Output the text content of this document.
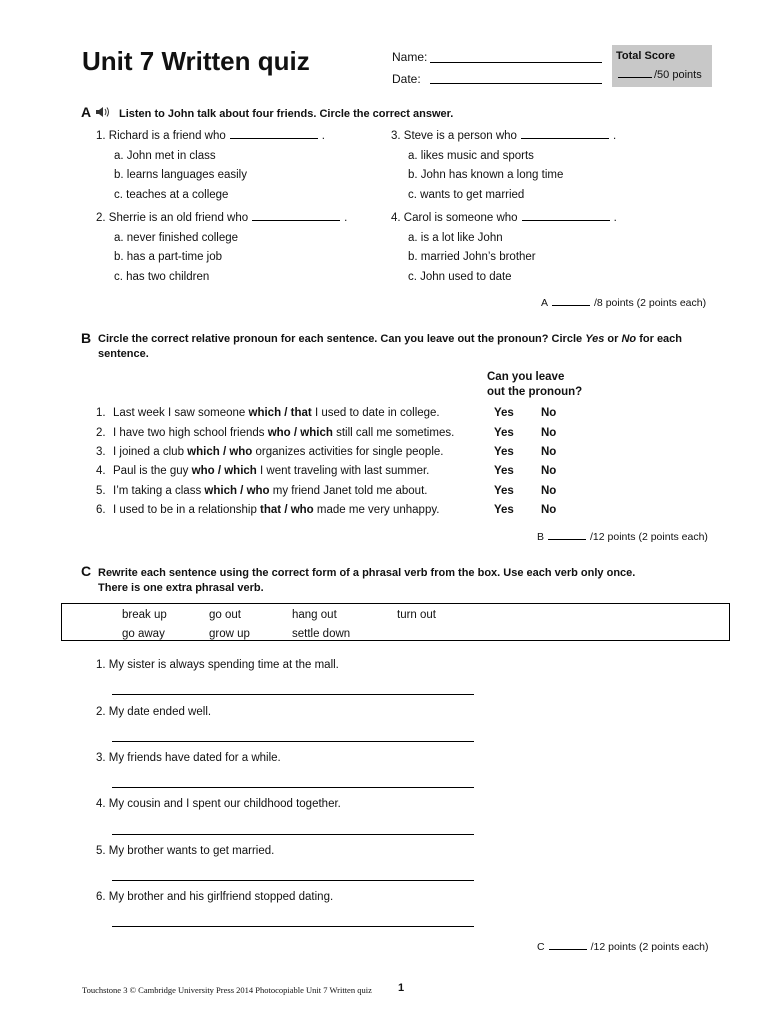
Unit 7 Written quiz	Name:
Date:
Total Score
/50 points
A	Listen to John talk about four friends. Circle the correct answer.
1. Richard is a friend who	.
a. John met in class
b. learns languages easily
c. teaches at a college
2. Sherrie is an old friend who	.
a. never finished college
b. has a part-time job
c. has two children
3. Steve is a person who	.
a. likes music and sports
b. John has known a long time
c. wants to get married
4. Carol is someone who	.
a. is a lot like John
b. married John’s brother
c. John used to date
A	/8 points (2 points each)
B Circle the correct relative pronoun for each sentence. Can you leave out the pronoun? Circle Yes or No for each
sentence.
Can you leave
out the pronoun?
1. Last week I saw someone which / that I used to date in college.	Yes No
2. I have two high school friends who / which still call me sometimes.	Yes No
3. I joined a club which / who organizes activities for single people.	Yes No
4. Paul is the guy who / which I went traveling with last summer.	Yes No
5. I’m taking a class which / who my friend Janet told me about.	Yes No
6. I used to be in a relationship that / who made me very unhappy.	Yes No
B	/12 points (2 points each)
C Rewrite each sentence using the correct form of a phrasal verb from the box. Use each verb only once.
There is one extra phrasal verb.
break up	go out	hang out	turn out
go away	grow up	settle down
1. My sister is always spending time at the mall.
2. My date ended well.
3. My friends have dated for a while.
4. My cousin and I spent our childhood together.
5. My brother wants to get married.
6. My brother and his girlfriend stopped dating.
C	/12 points (2 points each)
Touchstone 3 © Cambridge University Press 2014 Photocopiable Unit 7 Written quiz 1
